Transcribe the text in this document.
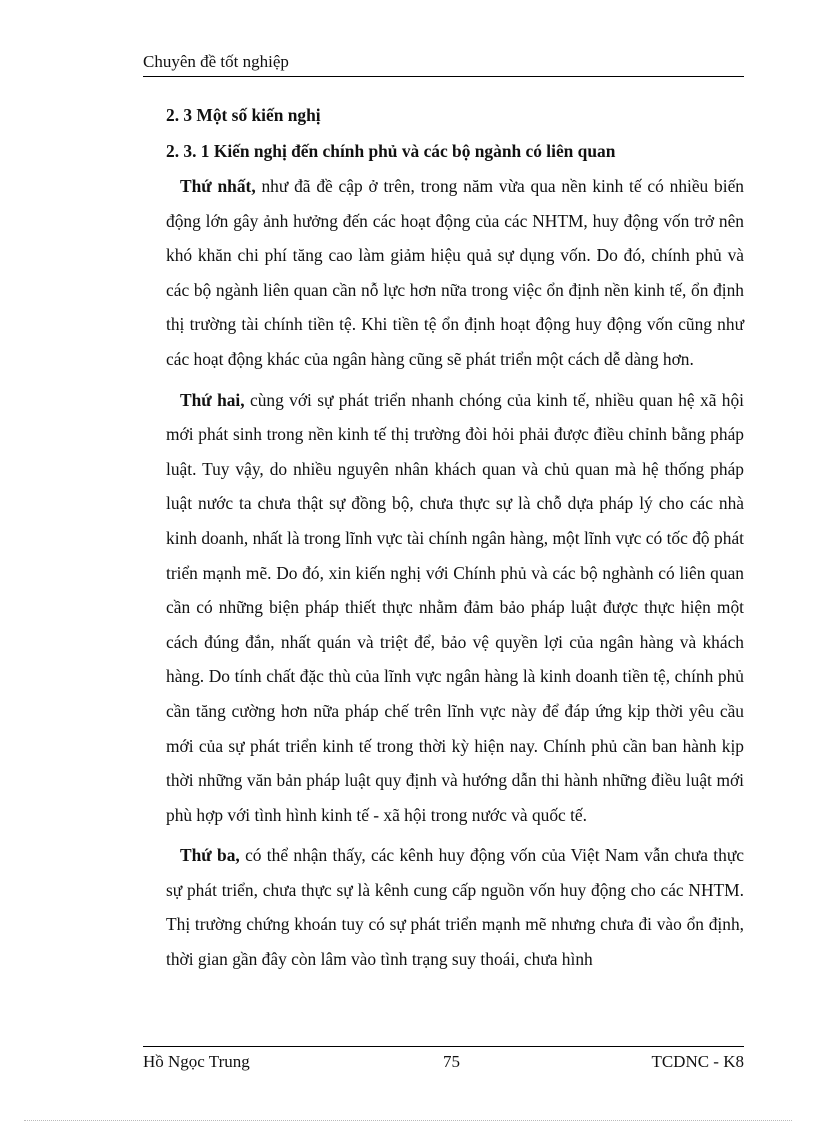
Chuyên đề tốt nghiệp

2. 3 Một số kiến nghị

2. 3. 1 Kiến nghị đến chính phủ và các bộ ngành có liên quan

Thứ nhất, như đã đề cập ở trên, trong năm vừa qua nền kinh tế có nhiều biến động lớn gây ảnh hưởng đến các hoạt động của các NHTM, huy động vốn trở nên khó khăn chi phí tăng cao làm giảm hiệu quả sự dụng vốn. Do đó, chính phủ và các bộ ngành liên quan cần nỗ lực hơn nữa trong việc ổn định nền kinh tế, ổn định thị trường tài chính tiền tệ. Khi tiền tệ ổn định hoạt động huy động vốn cũng như các hoạt động khác của ngân hàng cũng sẽ phát triển một cách dễ dàng hơn.

Thứ hai, cùng với sự phát triển nhanh chóng của kinh tế, nhiều quan hệ xã hội mới phát sinh trong nền kinh tế thị trường đòi hỏi phải được điều chỉnh bằng pháp luật. Tuy vậy, do nhiều nguyên nhân khách quan và chủ quan mà hệ thống pháp luật nước ta chưa thật sự đồng bộ, chưa thực sự là chỗ dựa pháp lý cho các nhà kinh doanh, nhất là trong lĩnh vực tài chính ngân hàng, một lĩnh vực có tốc độ phát triển mạnh mẽ. Do đó, xin kiến nghị với Chính phủ và các bộ nghành có liên quan cần có những biện pháp thiết thực nhằm đảm bảo pháp luật được thực hiện một cách đúng đắn, nhất quán và triệt để, bảo vệ quyền lợi của ngân hàng và khách hàng. Do tính chất đặc thù của lĩnh vực ngân hàng là kinh doanh tiền tệ, chính phủ cần tăng cường hơn nữa pháp chế trên lĩnh vực này để đáp ứng kịp thời yêu cầu mới của sự phát triển kinh tế trong thời kỳ hiện nay. Chính phủ cần ban hành kịp thời những văn bản pháp luật quy định và hướng dẫn thi hành những điều luật mới phù hợp với tình hình kinh tế - xã hội trong nước và quốc tế.

Thứ ba, có thể nhận thấy, các kênh huy động vốn của Việt Nam vẫn chưa thực sự phát triển, chưa thực sự là kênh cung cấp nguồn vốn huy động cho các NHTM. Thị trường chứng khoán tuy có sự phát triển mạnh mẽ nhưng chưa đi vào ổn định, thời gian gần đây còn lâm vào tình trạng suy thoái, chưa hình

Hồ Ngọc Trung	75	TCDNC - K8
